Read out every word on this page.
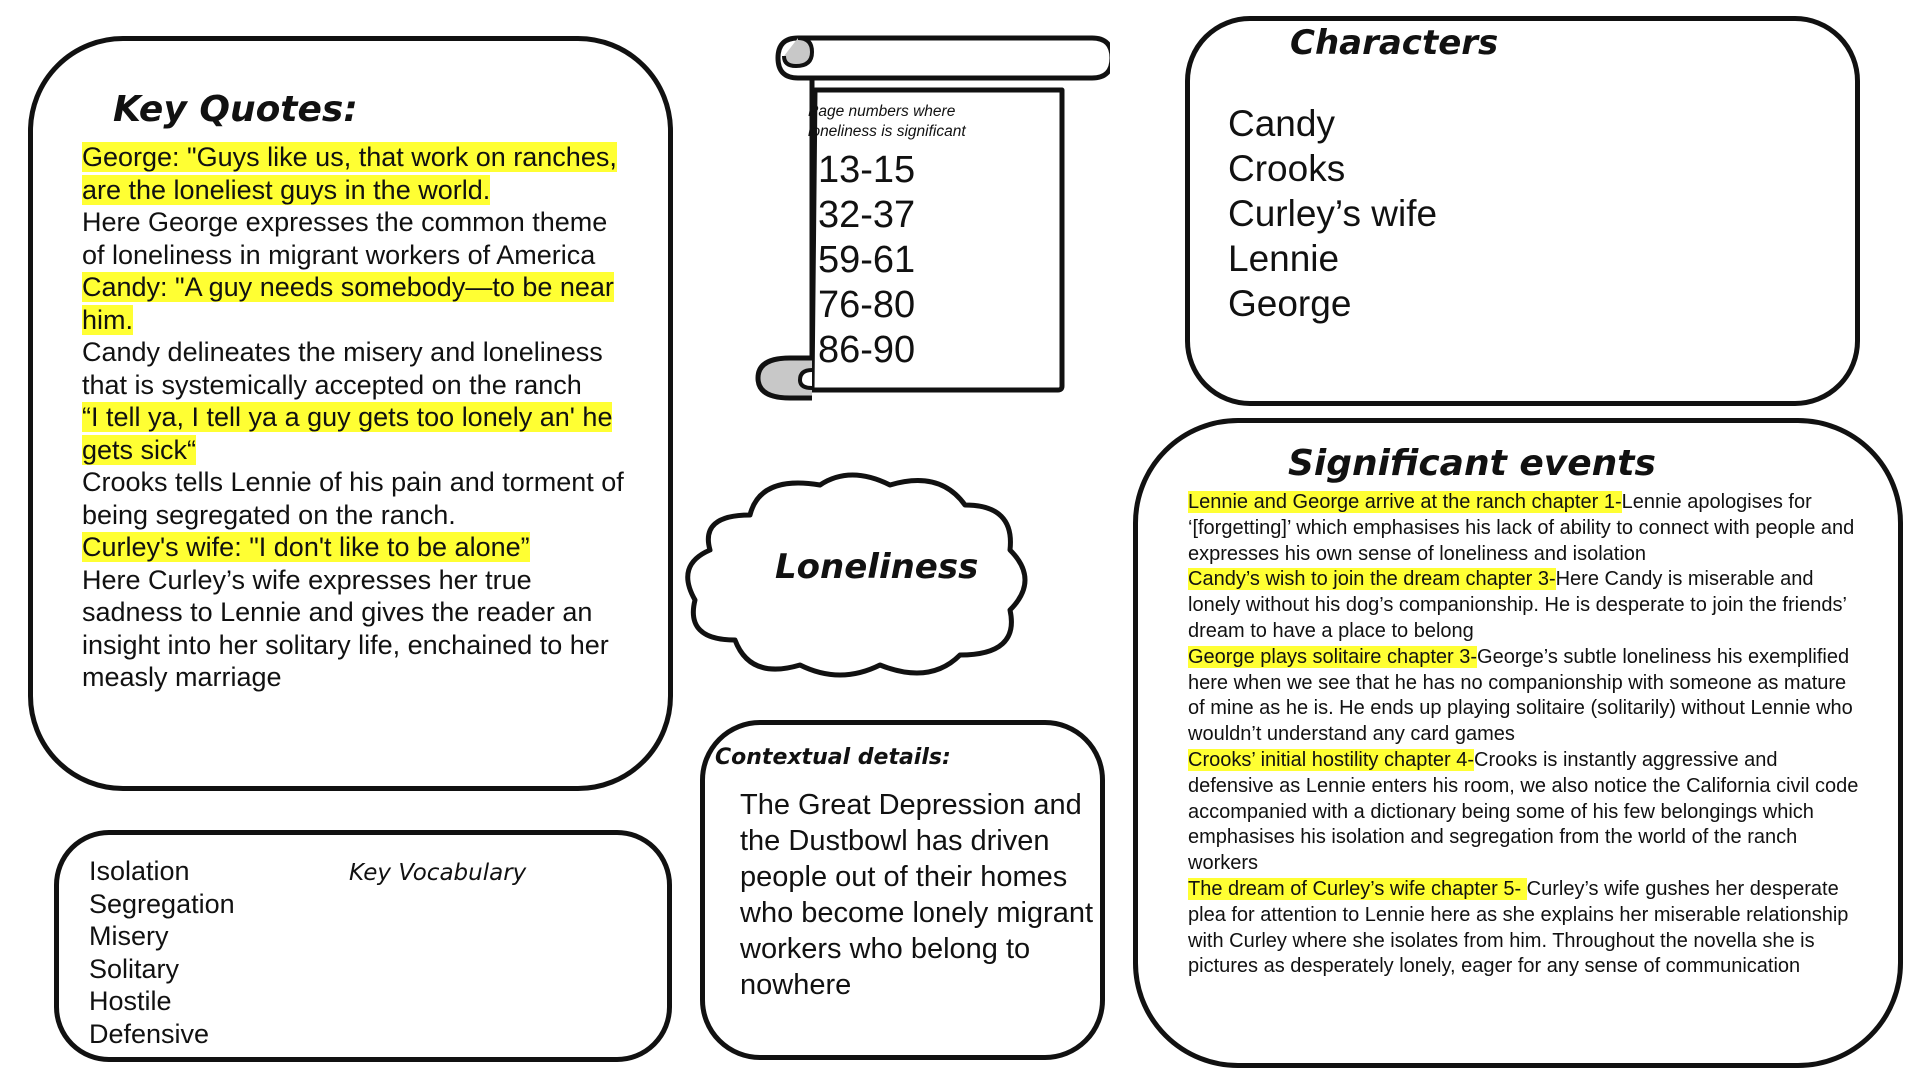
Key Quotes:
George: "Guys like us, that work on ranches, are the loneliest guys in the world.
Here George expresses the common theme of loneliness in migrant workers of America
Candy: "A guy needs somebody—to be near him.
Candy delineates the misery and loneliness that is systemically accepted on the ranch
“I tell ya, I tell ya a guy gets too lonely an' he gets sick“
Crooks tells Lennie of his pain and torment of being segregated on the ranch.
Curley's wife: "I don't like to be alone”
Here Curley’s wife expresses her true sadness to Lennie and gives the reader an insight into her solitary life, enchained to her measly marriage
Isolation
Segregation
Misery
Solitary
Hostile
Defensive
Key Vocabulary
Page numbers where loneliness is significant
13-15
32-37
59-61
76-80
86-90
Loneliness
Contextual details:
The Great Depression and the Dustbowl has driven people out of their homes who become lonely migrant workers who belong to nowhere
Characters
Candy
Crooks
Curley’s wife
Lennie
George
Significant events
Lennie and George arrive at the ranch chapter 1-Lennie apologises for ‘[forgetting]’ which emphasises his lack of ability to connect with people and expresses his own sense of loneliness and isolation
Candy’s wish to join the dream chapter 3-Here Candy is miserable and lonely without his dog’s companionship. He is desperate to join the friends’ dream to have a place to belong
George plays solitaire chapter 3-George’s subtle loneliness his exemplified here when we see that he has no companionship with someone as mature of mine as he is. He ends up playing solitaire (solitarily) without Lennie who wouldn’t understand any card games
Crooks’ initial hostility chapter 4-Crooks is instantly aggressive and defensive as Lennie enters his room, we also notice the California civil code accompanied with a dictionary being some of his few belongings which emphasises his isolation and segregation from the world of the ranch workers
The dream of Curley’s wife chapter 5- Curley’s wife gushes her desperate plea for attention to Lennie here as she explains her miserable relationship with Curley where she isolates from him. Throughout the novella she is pictures as desperately lonely, eager for any sense of communication
